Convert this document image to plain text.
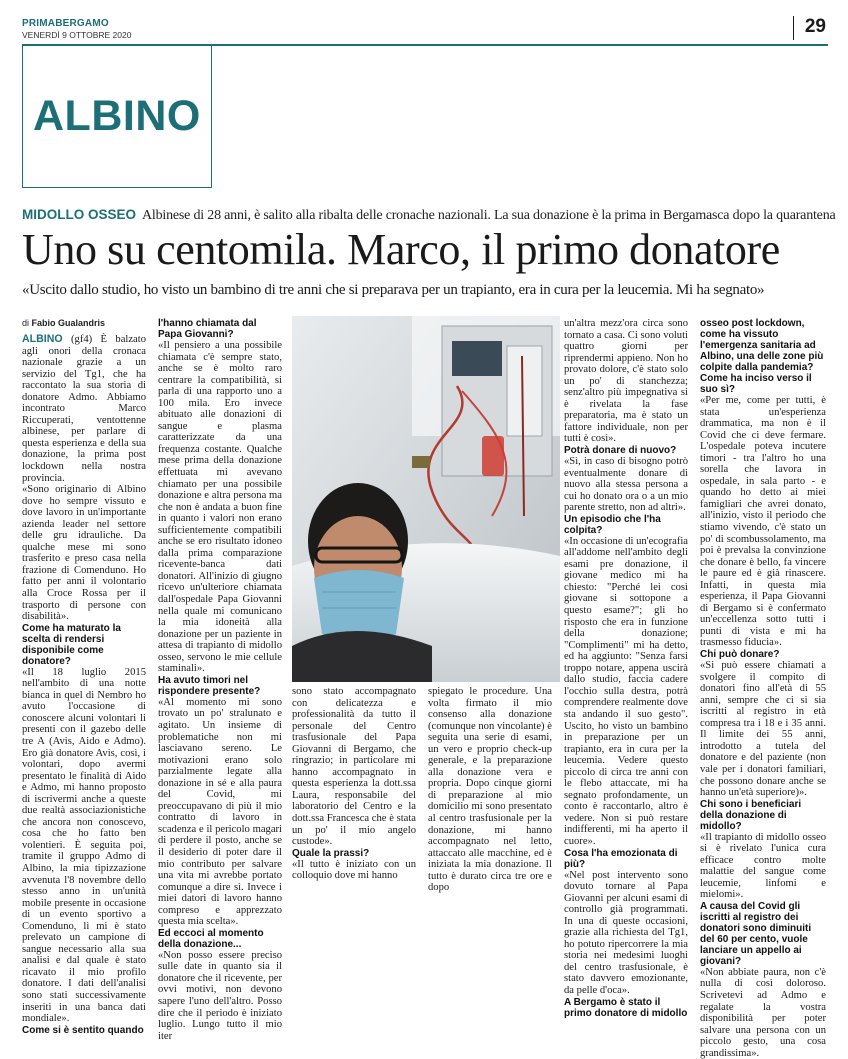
PRIMABERGAMO
VENERDÌ 9 OTTOBRE 2020	29
ALBINO
MIDOLLO OSSEO Albinese di 28 anni, è salito alla ribalta delle cronache nazionali. La sua donazione è la prima in Bergamasca dopo la quarantena
Uno su centomila. Marco, il primo donatore
«Uscito dallo studio, ho visto un bambino di tre anni che si preparava per un trapianto, era in cura per la leucemia. Mi ha segnato»
di Fabio Gualandris

ALBINO (gf4) È balzato agli onori della cronaca nazionale grazie a un servizio del Tg1, che ha raccontato la sua storia di donatore Admo. Abbiamo incontrato Marco Riccuperati, ventottenne albinese, per parlare di questa esperienza e della sua donazione, la prima post lockdown nella nostra provincia.

«Sono originario di Albino dove ho sempre vissuto e dove lavoro in un'importante azienda leader nel settore delle gru idrauliche. Da qualche mese mi sono trasferito e preso casa nella frazione di Comenduno. Ho fatto per anni il volontario alla Croce Rossa per il trasporto di persone con disabilità».

Come ha maturato la scelta di rendersi disponibile come donatore?

«Il 18 luglio 2015 nell'ambito di una notte bianca in quel di Nembro ho avuto l'occasione di conoscere alcuni volontari li presenti con il gazebo delle tre A (Avis, Aido e Admo). Ero già donatore Avis, così, i volontari, dopo avermi presentato le finalità di Aido e Admo, mi hanno proposto di iscrivermi anche a queste due realtà associazionistiche che ancora non conoscevo, cosa che ho fatto ben volentieri. È seguita poi, tramite il gruppo Admo di Albino, la mia tipizzazione avvenuta l'8 novembre dello stesso anno in un'unità mobile presente in occasione di un evento sportivo a Comenduno, lì mi è stato prelevato un campione di sangue necessario alla sua analisi e dal quale è stato ricavato il mio profilo donatore. I dati dell'analisi sono stati successivamente inseriti in una banca dati mondiale».

Come si è sentito quando

l'hanno chiamata dal Papa Giovanni?

«Il pensiero a una possibile chiamata c'è sempre stato, anche se è molto raro centrare la compatibilità, si parla di una rapporto uno a 100 mila. Ero invece abituato alle donazioni di sangue e plasma caratterizzate da una frequenza costante. Qualche mese prima della donazione effettuata mi avevano chiamato per una possibile donazione e altra persona ma che non è andata a buon fine in quanto i valori non erano sufficientemente compatibili anche se ero risultato idoneo dalla prima comparazione ricevente-banca dati donatori. All'inizio di giugno ricevo un'ulteriore chiamata dall'ospedale Papa Giovanni nella quale mi comunicano la mia idoneità alla donazione per un paziente in attesa di trapianto di midollo osseo, servono le mie cellule staminali».

Ha avuto timori nel rispondere presente?

«Al momento mi sono trovato un po' stralunato e agitato. Un insieme di problematiche non mi lasciavano sereno. Le motivazioni erano solo parzialmente legate alla donazione in sé e alla paura del Covid, mi preoccupavano di più il mio contratto di lavoro in scadenza e il pericolo magari di perdere il posto, anche se il desiderio di poter dare il mio contributo per salvare una vita mi avrebbe portato comunque a dire sì. Invece i miei datori di lavoro hanno compreso e apprezzato questa mia scelta».

Ed eccoci al momento della donazione...

«Non posso essere preciso sulle date in quanto sia il donatore che il ricevente, per ovvi motivi, non devono sapere l'uno dell'altro. Posso dire che il periodo è iniziato luglio. Lungo tutto il mio iter

sono stato accompagnato con delicatezza e professionalità da tutto il personale del Centro trasfusionale del Papa Giovanni di Bergamo, che ringrazio; in particolare mi hanno accompagnato in questa esperienza la dott.ssa Laura, responsabile del laboratorio del Centro e la dott.ssa Francesca che è stata un po' il mio angelo custode».

Quale la prassi?

«Il tutto è iniziato con un colloquio dove mi hanno

spiegato le procedure. Una volta firmato il mio consenso alla donazione (comunque non vincolante) è seguita una serie di esami, un vero e proprio check-up generale, e la preparazione alla donazione vera e propria. Dopo cinque giorni di preparazione al mio domicilio mi sono presentato al centro trasfusionale per la donazione, mi hanno accompagnato nel letto, attaccato alle macchine, ed è iniziata la mia donazione. Il tutto è durato circa tre ore e dopo

un'altra mezz'ora circa sono tornato a casa. Ci sono voluti quattro giorni per riprendermi appieno. Non ho provato dolore, c'è stato solo un po' di stanchezza; senz'altro più impegnativa si è rivelata la fase preparatoria, ma è stato un fattore individuale, non per tutti è così».

Potrà donare di nuovo?

«Sì, in caso di bisogno potrò eventualmente donare di nuovo alla stessa persona a cui ho donato ora o a un mio parente stretto, non ad altri».

Un episodio che l'ha colpita?

«In occasione di un'ecografia all'addome nell'ambito degli esami pre donazione, il giovane medico mi ha chiesto: "Perché lei così giovane si sottopone a questo esame?"; gli ho risposto che era in funzione della donazione; "Complimenti" mi ha detto, ed ha aggiunto: "Senza farsi troppo notare, appena uscirà dallo studio, faccia cadere l'occhio sulla destra, potrà comprendere realmente dove sta andando il suo gesto". Uscito, ho visto un bambino in preparazione per un trapianto, era in cura per la leucemia. Vedere questo piccolo di circa tre anni con le flebo attaccate, mi ha segnato profondamente, un conto è raccontarlo, altro è vedere. Non si può restare indifferenti, mi ha aperto il cuore».

Cosa l'ha emozionata di più?

«Nel post intervento sono dovuto tornare al Papa Giovanni per alcuni esami di controllo già programmati. In una di queste occasioni, grazie alla richiesta del Tg1, ho potuto ripercorrere la mia storia nei medesimi luoghi del centro trasfusionale, è stato davvero emozionante, da pelle d'oca».

A Bergamo è stato il primo donatore di midollo

osseo post lockdown, come ha vissuto l'emergenza sanitaria ad Albino, una delle zone più colpite dalla pandemia? Come ha inciso verso il suo sì?

«Per me, come per tutti, è stata un'esperienza drammatica, ma non è il Covid che ci deve fermare. L'ospedale poteva incutere timori - tra l'altro ho una sorella che lavora in ospedale, in sala parto - e quando ho detto ai miei famigliari che avrei donato, all'inizio, visto il periodo che stiamo vivendo, c'è stato un po' di scombussolamento, ma poi è prevalsa la convinzione che donare è bello, fa vincere le paure ed è già rinascere. Infatti, in questa mia esperienza, il Papa Giovanni di Bergamo si è confermato un'eccellenza sotto tutti i punti di vista e mi ha trasmesso fiducia».

Chi può donare?

«Si può essere chiamati a svolgere il compito di donatori fino all'età di 55 anni, sempre che ci si sia iscritti al registro in età compresa tra i 18 e i 35 anni. Il limite dei 55 anni, introdotto a tutela del donatore e del paziente (non vale per i donatori familiari, che possono donare anche se hanno un'età superiore)».

Chi sono i beneficiari della donazione di midollo?

«Il trapianto di midollo osseo si è rivelato l'unica cura efficace contro molte malattie del sangue come leucemie, linfomi e mielomi».

A causa del Covid gli iscritti al registro dei donatori sono diminuiti del 60 per cento, vuole lanciare un appello ai giovani?

«Non abbiate paura, non c'è nulla di così doloroso. Scrivetevi ad Admo e regalate la vostra disponibilità per poter salvare una persona con un piccolo gesto, una cosa grandissima».
